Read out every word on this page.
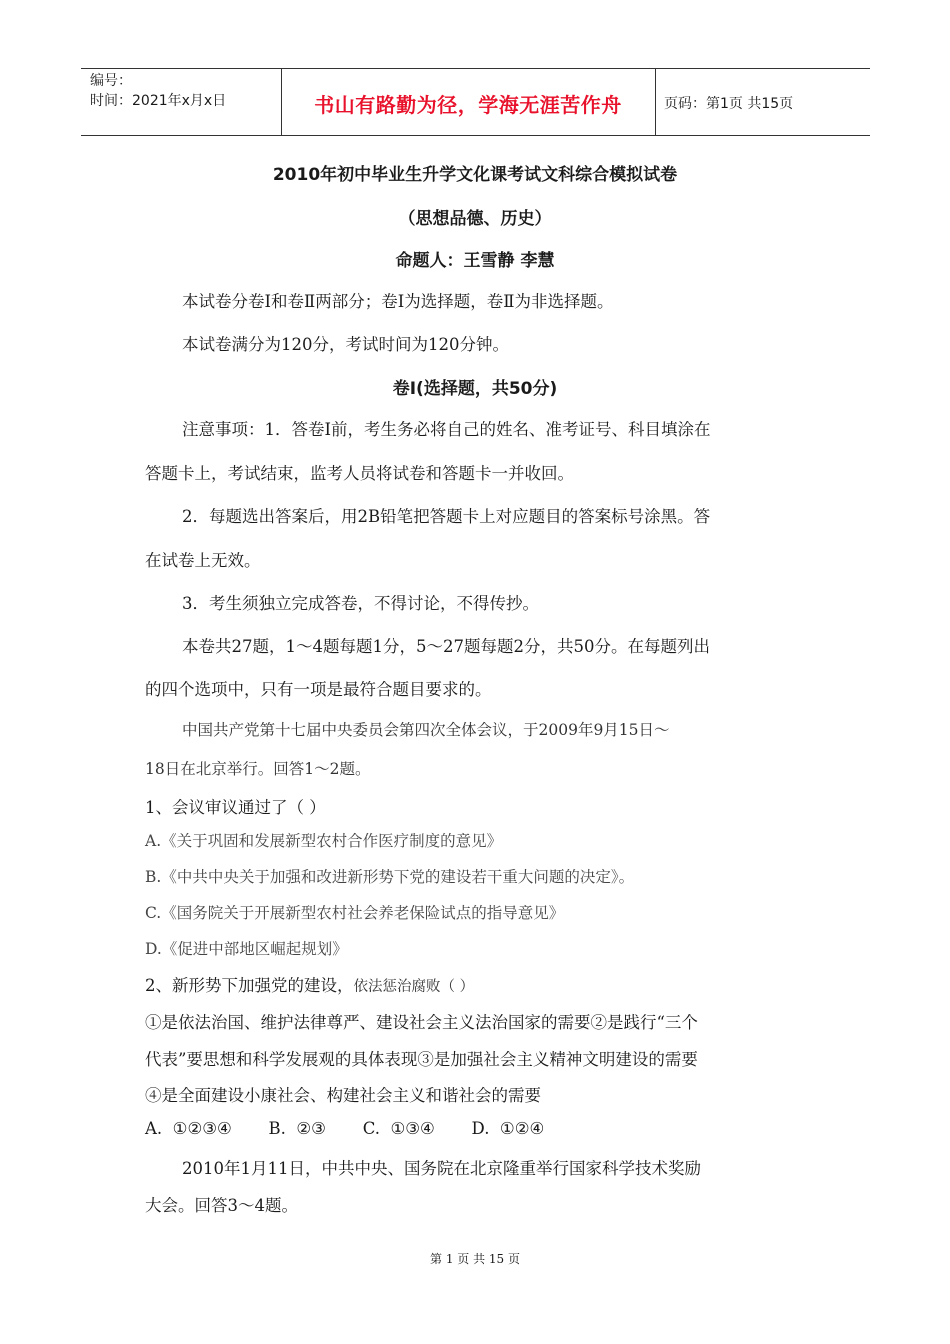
编号：
时间：2021年x月x日	书山有路勤为径，学海无涯苦作舟	页码：第1页 共15页
2010年初中毕业生升学文化课考试文科综合模拟试卷
（思想品德、历史）
命题人：王雪静 李慧
本试卷分卷Ⅰ和卷Ⅱ两部分；卷Ⅰ为选择题，卷Ⅱ为非选择题。
本试卷满分为120分，考试时间为120分钟。
卷Ⅰ(选择题，共50分)
注意事项：1．答卷Ⅰ前，考生务必将自己的姓名、准考证号、科目填涂在
答题卡上，考试结束，监考人员将试卷和答题卡一并收回。
2．每题选出答案后，用2B铅笔把答题卡上对应题目的答案标号涂黑。答
在试卷上无效。
3．考生须独立完成答卷，不得讨论，不得传抄。
本卷共27题，1～4题每题1分，5～27题每题2分，共50分。在每题列出
的四个选项中，只有一项是最符合题目要求的。
中国共产党第十七届中央委员会第四次全体会议，于2009年9月15日～
18日在北京举行。回答1～2题。
1、会议审议通过了（ ）
A.《关于巩固和发展新型农村合作医疗制度的意见》
B.《中共中央关于加强和改进新形势下党的建设若干重大问题的决定》。
C.《国务院关于开展新型农村社会养老保险试点的指导意见》
D.《促进中部地区崛起规划》
2、新形势下加强党的建设，依法惩治腐败（ ）
①是依法治国、维护法律尊严、建设社会主义法治国家的需要②是践行“三个
代表”要思想和科学发展观的具体表现③是加强社会主义精神文明建设的需要
④是全面建设小康社会、构建社会主义和谐社会的需要
A.  ①②③④       B.  ②③       C.  ①③④       D.  ①②④
2010年1月11日，中共中央、国务院在北京隆重举行国家科学技术奖励
大会。回答3～4题。
第 1 页 共 15 页
